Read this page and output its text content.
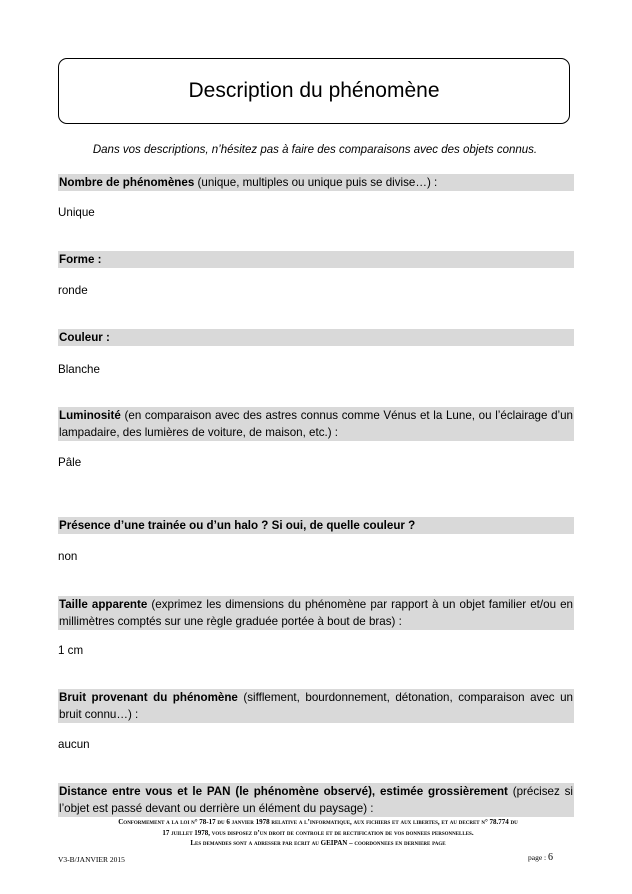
Description du phénomène
Dans vos descriptions, n’hésitez pas à faire des comparaisons avec des objets connus.
Nombre de phénomènes (unique, multiples ou unique puis se divise…) :
Unique
Forme :
ronde
Couleur :
Blanche
Luminosité (en comparaison avec des astres connus comme Vénus et la Lune, ou l’éclairage d’un lampadaire, des lumières de voiture, de maison, etc.) :
Pâle
Présence d’une trainée ou d’un halo ? Si oui, de quelle couleur ?
non
Taille apparente (exprimez les dimensions du phénomène par rapport à un objet familier et/ou en millimètres comptés sur une règle graduée portée à bout de bras) :
1 cm
Bruit provenant du phénomène (sifflement, bourdonnement, détonation, comparaison avec un bruit connu…) :
aucun
Distance entre vous et le PAN (le phénomène observé), estimée grossièrement (précisez si l’objet est passé devant ou derrière un élément du paysage) :
Conformement a la loi n° 78-17 du 6 janvier 1978 relative a l’informatique, aux fichiers et aux libertes, et au decret n° 78.774 du
17 juillet 1978, vous disposez d’un droit de controle et de rectification de vos donnees personnelles.
Les demandes sont a adresser par ecrit au GEIPAN – coordonnees en derniere page
V3-B/JANVIER 2015	page : 6
